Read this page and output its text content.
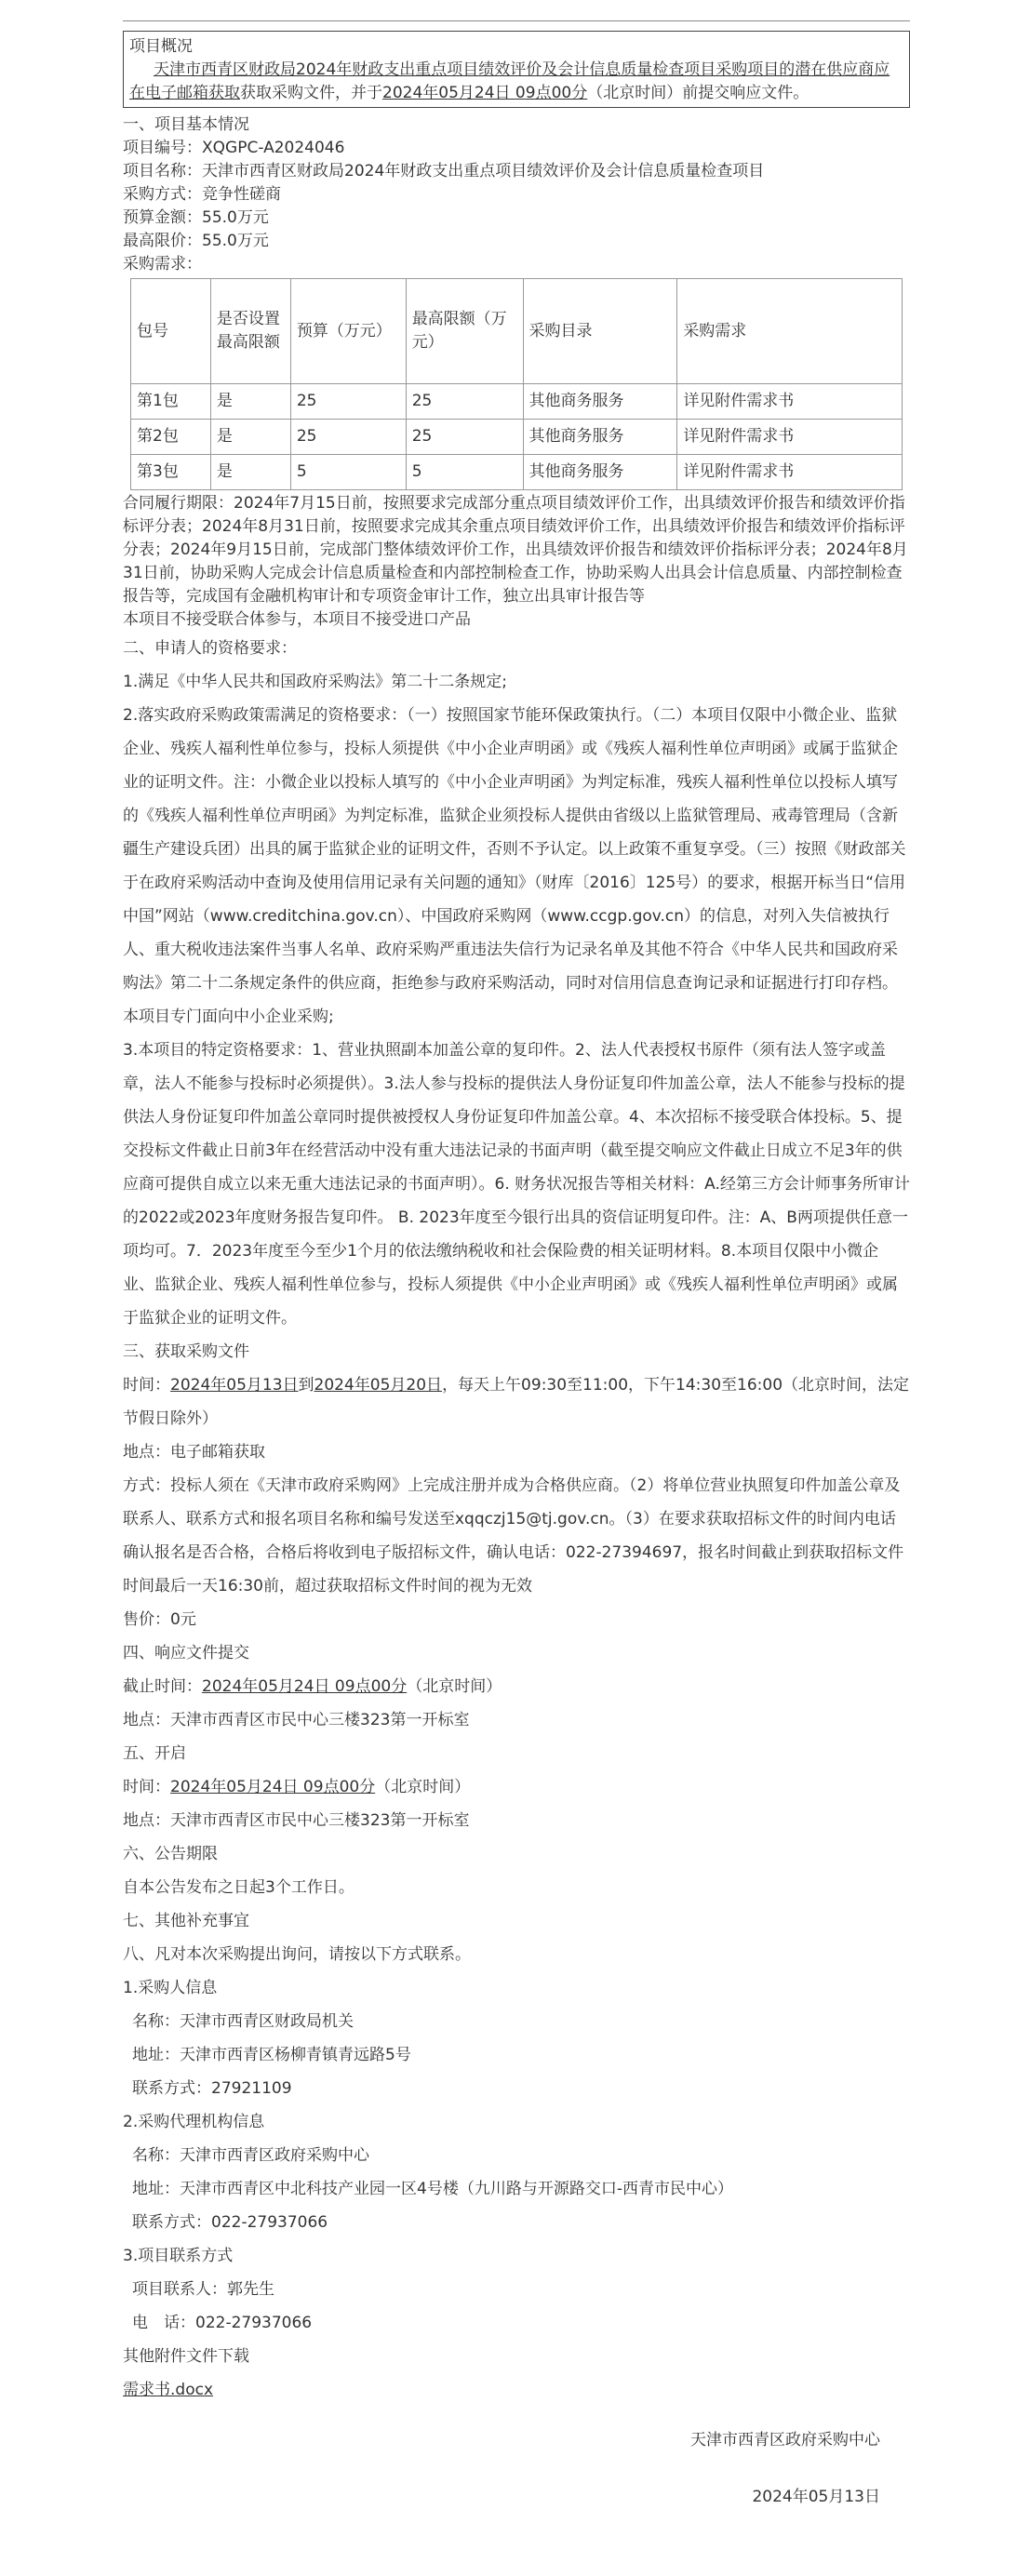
项目概况
天津市西青区财政局2024年财政支出重点项目绩效评价及会计信息质量检查项目采购项目的潜在供应商应在电子邮箱获取获取采购文件，并于2024年05月24日 09点00分（北京时间）前提交响应文件。
一、项目基本情况
项目编号：XQGPC-A2024046
项目名称：天津市西青区财政局2024年财政支出重点项目绩效评价及会计信息质量检查项目
采购方式：竞争性磋商
预算金额：55.0万元
最高限价：55.0万元
采购需求：
包号	是否设置最高限额	预算（万元）	最高限额（万元）	采购目录	采购需求
第1包	是	25	25	其他商务服务	详见附件需求书
第2包	是	25	25	其他商务服务	详见附件需求书
第3包	是	5	5	其他商务服务	详见附件需求书
合同履行期限：2024年7月15日前，按照要求完成部分重点项目绩效评价工作，出具绩效评价报告和绩效评价指标评分表；2024年8月31日前，按照要求完成其余重点项目绩效评价工作，出具绩效评价报告和绩效评价指标评分表；2024年9月15日前，完成部门整体绩效评价工作，出具绩效评价报告和绩效评价指标评分表；2024年8月31日前，协助采购人完成会计信息质量检查和内部控制检查工作，协助采购人出具会计信息质量、内部控制检查报告等，完成国有金融机构审计和专项资金审计工作，独立出具审计报告等
本项目不接受联合体参与，本项目不接受进口产品

二、申请人的资格要求：

1.满足《中华人民共和国政府采购法》第二十二条规定;

2.落实政府采购政策需满足的资格要求：（一）按照国家节能环保政策执行。（二）本项目仅限中小微企业、监狱企业、残疾人福利性单位参与，投标人须提供《中小企业声明函》或《残疾人福利性单位声明函》或属于监狱企业的证明文件。注：小微企业以投标人填写的《中小企业声明函》为判定标准，残疾人福利性单位以投标人填写的《残疾人福利性单位声明函》为判定标准，监狱企业须投标人提供由省级以上监狱管理局、戒毒管理局（含新疆生产建设兵团）出具的属于监狱企业的证明文件，否则不予认定。以上政策不重复享受。（三）按照《财政部关于在政府采购活动中查询及使用信用记录有关问题的通知》（财库〔2016〕125号）的要求，根据开标当日“信用中国”网站（www.creditchina.gov.cn）、中国政府采购网（www.ccgp.gov.cn）的信息，对列入失信被执行人、重大税收违法案件当事人名单、政府采购严重违法失信行为记录名单及其他不符合《中华人民共和国政府采购法》第二十二条规定条件的供应商，拒绝参与政府采购活动，同时对信用信息查询记录和证据进行打印存档。本项目专门面向中小企业采购;

3.本项目的特定资格要求：1、营业执照副本加盖公章的复印件。2、法人代表授权书原件（须有法人签字或盖章，法人不能参与投标时必须提供）。3.法人参与投标的提供法人身份证复印件加盖公章，法人不能参与投标的提供法人身份证复印件加盖公章同时提供被授权人身份证复印件加盖公章。4、本次招标不接受联合体投标。5、提交投标文件截止日前3年在经营活动中没有重大违法记录的书面声明（截至提交响应文件截止日成立不足3年的供应商可提供自成立以来无重大违法记录的书面声明）。6. 财务状况报告等相关材料：A.经第三方会计师事务所审计的2022或2023年度财务报告复印件。 B. 2023年度至今银行出具的资信证明复印件。注：A、B两项提供任意一项均可。7．2023年度至今至少1个月的依法缴纳税收和社会保险费的相关证明材料。8.本项目仅限中小微企业、监狱企业、残疾人福利性单位参与，投标人须提供《中小企业声明函》或《残疾人福利性单位声明函》或属于监狱企业的证明文件。

三、获取采购文件

时间：2024年05月13日到2024年05月20日，每天上午09:30至11:00，下午14:30至16:00（北京时间，法定节假日除外）

地点：电子邮箱获取

方式：投标人须在《天津市政府采购网》上完成注册并成为合格供应商。（2）将单位营业执照复印件加盖公章及联系人、联系方式和报名项目名称和编号发送至xqqczj15@tj.gov.cn。（3）在要求获取招标文件的时间内电话确认报名是否合格，合格后将收到电子版招标文件，确认电话：022-27394697，报名时间截止到获取招标文件时间最后一天16:30前，超过获取招标文件时间的视为无效

售价：0元

四、响应文件提交

截止时间：2024年05月24日 09点00分（北京时间）

地点：天津市西青区市民中心三楼323第一开标室

五、开启

时间：2024年05月24日 09点00分（北京时间）

地点：天津市西青区市民中心三楼323第一开标室

六、公告期限

自本公告发布之日起3个工作日。

七、其他补充事宜

八、凡对本次采购提出询问，请按以下方式联系。

1.采购人信息

名称：天津市西青区财政局机关

地址：天津市西青区杨柳青镇青远路5号

联系方式：27921109

2.采购代理机构信息

名称：天津市西青区政府采购中心

地址：天津市西青区中北科技产业园一区4号楼（九川路与开源路交口-西青市民中心）

联系方式：022-27937066

3.项目联系方式

项目联系人：郭先生

电　话：022-27937066

其他附件文件下载

需求书.docx

天津市西青区政府采购中心
2024年05月13日
